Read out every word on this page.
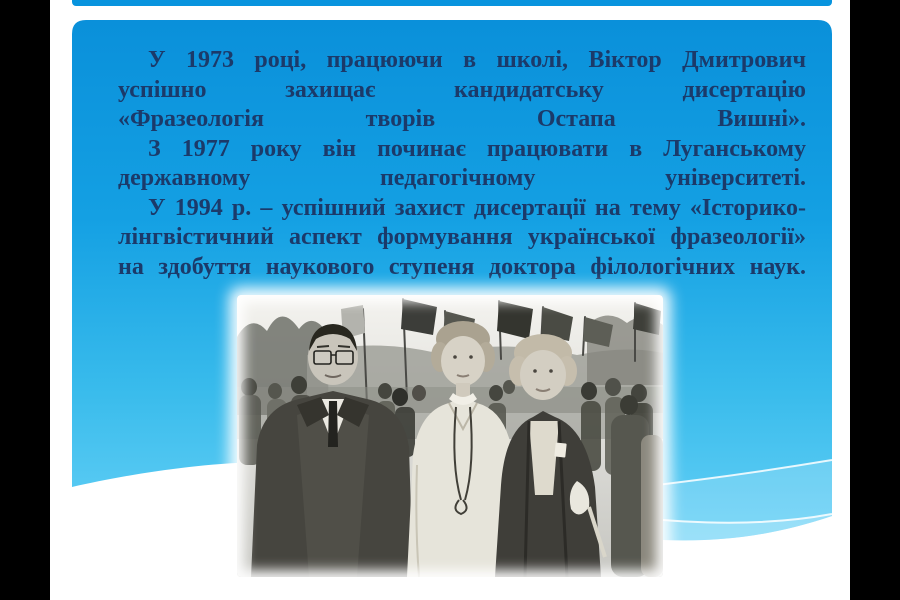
У 1973 році, працюючи в школі, Віктор Дмитрович
успішно захищає кандидатську дисертацію
«Фразеологія творів Остапа Вишні».
З 1977 року він починає працювати в Луганському
державному педагогічному університеті.
У 1994 р. – успішний захист дисертації на тему «Історико-
лінгвістичний аспект формування української фразеології»
на здобуття наукового ступеня доктора філологічних наук.
